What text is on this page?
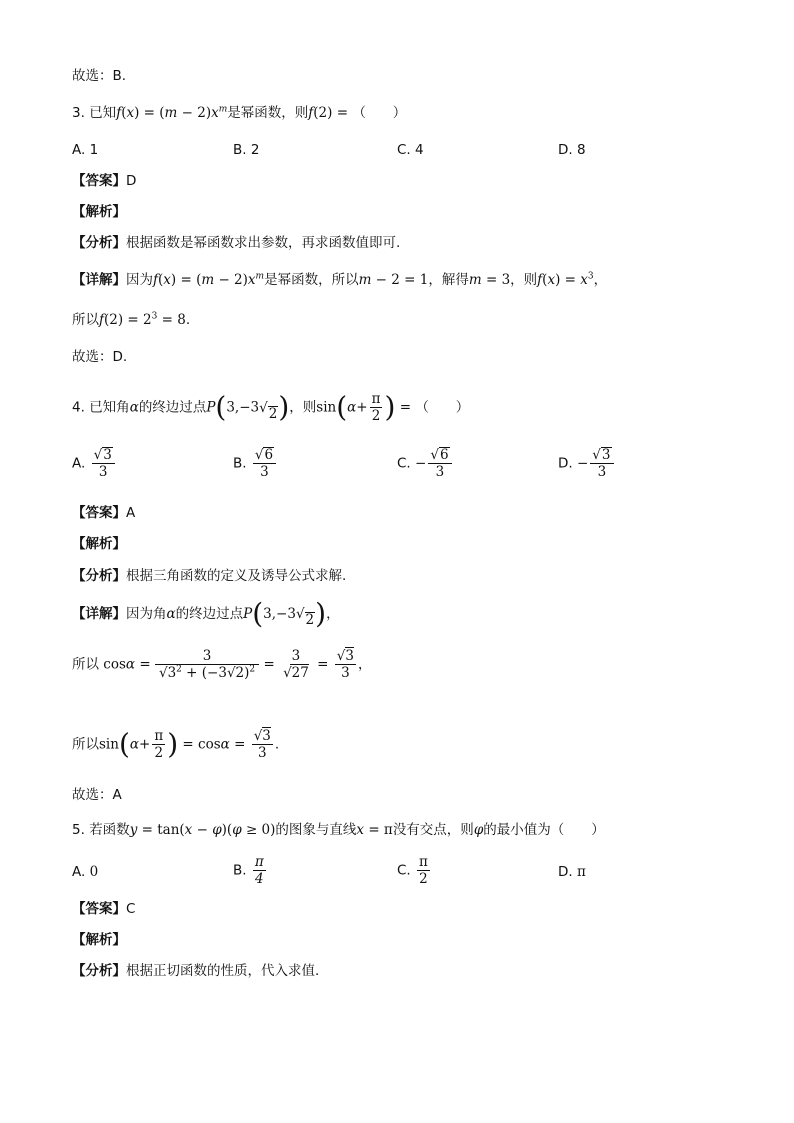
故选：B.
3. 已知$f(x) = (m - 2)x^m$是幂函数，则f(2) = （　　）
A. 1	B. 2	C. 4	D. 8
【答案】D
【解析】
【分析】根据函数是幂函数求出参数，再求函数值即可.
【详解】因为$f(x) = (m - 2)x^m$是幂函数，所以m − 2 = 1，解得m = 3，则$f(x) = x^3$，
所以$f(2) = 2^3 = 8$.
故选：D.
4. 已知角α的终边过点P(3,−3 √ 2 )，则$\sin(\alpha+ \frac{\pi}{2}$ ) = （　　）
A. $\frac{√ 3}{3}$	B. $\frac{√ 6}{3}$	C. − $\frac{√ 6}{3}$	D. − $\frac{√ 3}{3}$
【答案】A
【解析】
【分析】根据三角函数的定义及诱导公式求解.
【详解】因为角α的终边过点P(3,−3 √ 2 )，
所以 $\cos\alpha = \frac{3}{√3^2 + (-3√2)^2} = \frac{3}{√27} = \frac{√3}{3}$ ，
所以$\sin(\alpha+ \frac{\pi}{2}$ ) = $\cos\alpha = \frac{√3}{3}$ .
故选：A
5. 若函数y = tan(x − φ)(φ ≥ 0)的图象与直线x = π没有交点，则φ的最小值为（　　）
A. 0	B. $\frac{\pi}{4}$	C. $\frac{\pi}{2}$	D. π
【答案】C
【解析】
【分析】根据正切函数的性质，代入求值.
